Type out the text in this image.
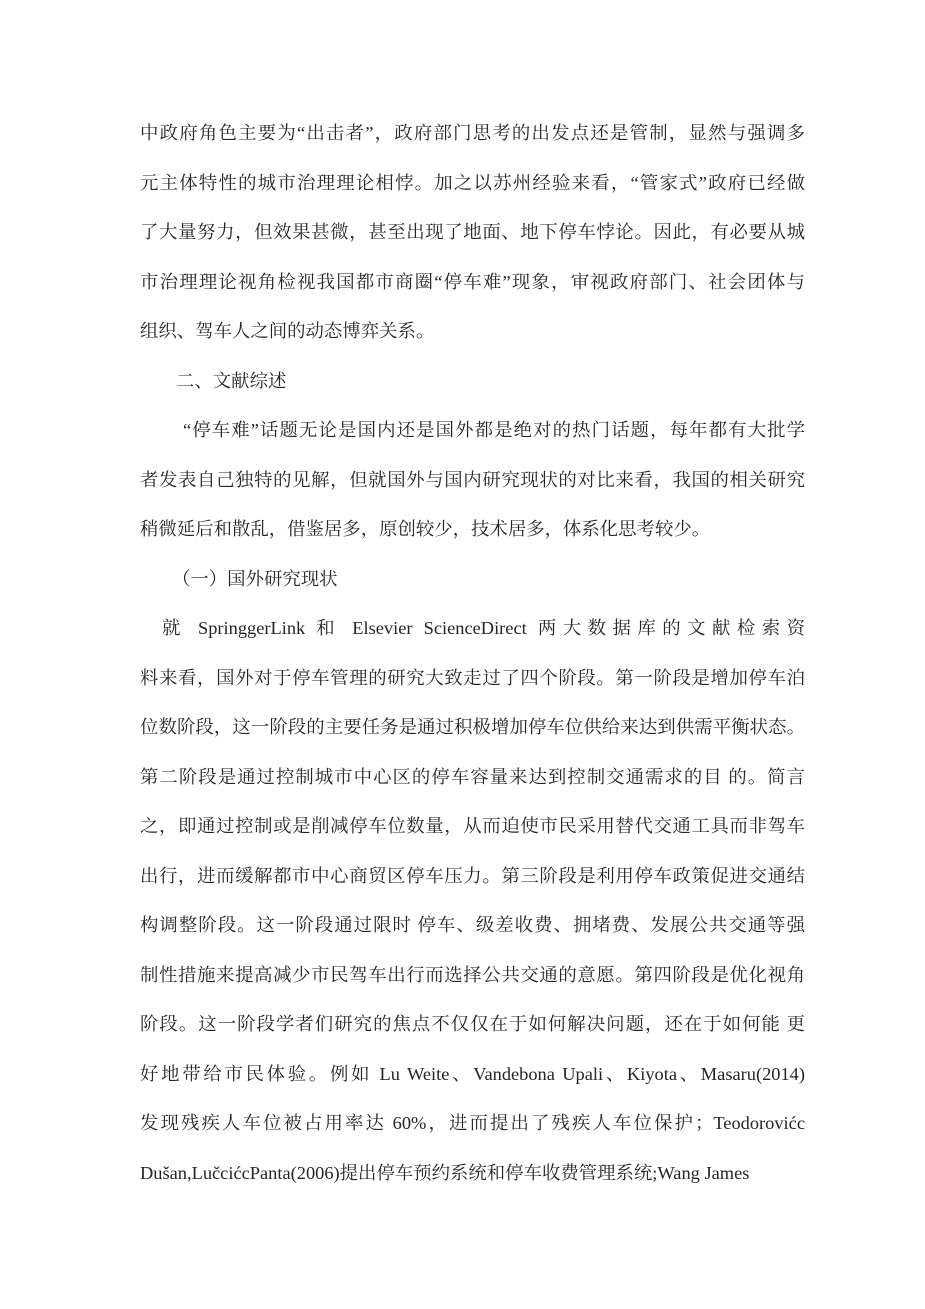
中政府角色主要为“出击者”，政府部门思考的出发点还是管制，显然与强调多
元主体特性的城市治理理论相悖。加之以苏州经验来看，“管家式”政府已经做
了大量努力，但效果甚微，甚至出现了地面、地下停车悖论。因此，有必要从城
市治理理论视角检视我国都市商圈“停车难”现象，审视政府部门、社会团体与
组织、驾车人之间的动态博弈关系。
二、文献综述
“停车难”话题无论是国内还是国外都是绝对的热门话题，每年都有大批学
者发表自己独特的见解，但就国外与国内研究现状的对比来看，我国的相关研究
稍微延后和散乱，借鉴居多，原创较少，技术居多，体系化思考较少。
（一）国外研究现状
就 SpringgerLink 和 Elsevier ScienceDirect 两大数据库的文献检索资
料来看，国外对于停车管理的研究大致走过了四个阶段。第一阶段是增加停车泊
位数阶段，这一阶段的主要任务是通过积极增加停车位供给来达到供需平衡状态。
第二阶段是通过控制城市中心区的停车容量来达到控制交通需求的目 的。简言
之，即通过控制或是削减停车位数量，从而迫使市民采用替代交通工具而非驾车
出行，进而缓解都市中心商贸区停车压力。第三阶段是利用停车政策促进交通结
构调整阶段。这一阶段通过限时 停车、级差收费、拥堵费、发展公共交通等强
制性措施来提高减少市民驾车出行而选择公共交通的意愿。第四阶段是优化视角
阶段。这一阶段学者们研究的焦点不仅仅在于如何解决问题，还在于如何能 更
好地带给市民体验。例如 Lu Weite、Vandebona Upali、Kiyota、Masaru(2014)
发现残疾人车位被占用率达 60%，进而提出了残疾人车位保护；Teodorovićc
Dušan,LučcićcPanta(2006)提出停车预约系统和停车收费管理系统;Wang James
